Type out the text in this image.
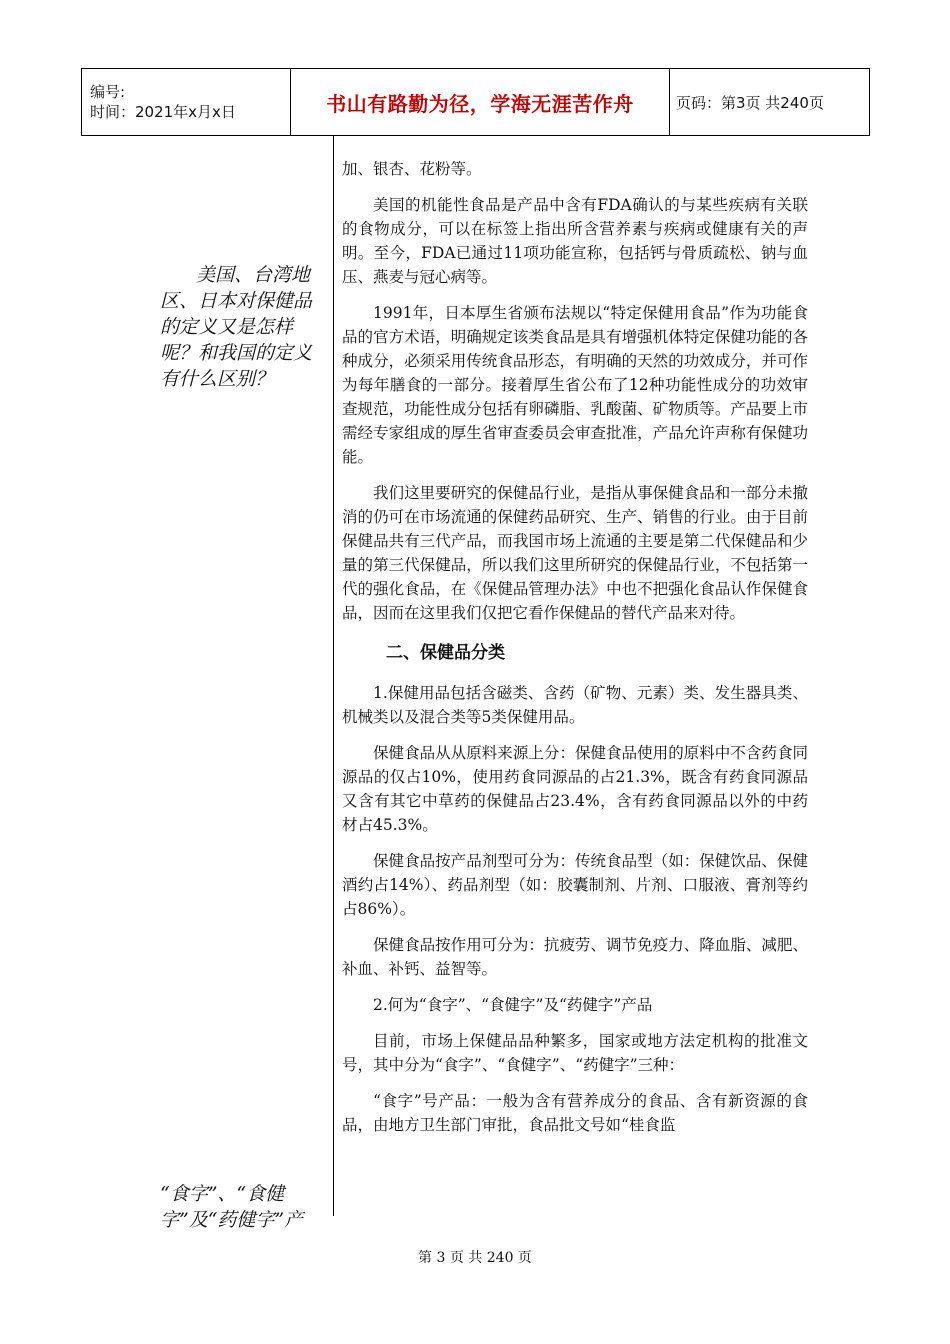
编号:
时间：2021年x月x日	书山有路勤为径，学海无涯苦作舟	页码：第3页 共240页
美国、台湾地区、日本对保健品的定义又是怎样呢？和我国的定义有什么区别？
“食字”、“食健字”及“药健字”产

加、银杏、花粉等。

美国的机能性食品是产品中含有FDA确认的与某些疾病有关联的食物成分，可以在标签上指出所含营养素与疾病或健康有关的声明。至今，FDA已通过11项功能宣称，包括钙与骨质疏松、钠与血压、燕麦与冠心病等。

1991年，日本厚生省颁布法规以“特定保健用食品”作为功能食品的官方术语，明确规定该类食品是具有增强机体特定保健功能的各种成分，必须采用传统食品形态，有明确的天然的功效成分，并可作为每年膳食的一部分。接着厚生省公布了12种功能性成分的功效审查规范，功能性成分包括有卵磷脂、乳酸菌、矿物质等。产品要上市需经专家组成的厚生省审查委员会审查批准，产品允许声称有保健功能。

我们这里要研究的保健品行业，是指从事保健食品和一部分未撤消的仍可在市场流通的保健药品研究、生产、销售的行业。由于目前保健品共有三代产品，而我国市场上流通的主要是第二代保健品和少量的第三代保健品，所以我们这里所研究的保健品行业，不包括第一代的强化食品，在《保健品管理办法》中也不把强化食品认作保健食品，因而在这里我们仅把它看作保健品的替代产品来对待。

二、保健品分类

1.保健用品包括含磁类、含药（矿物、元素）类、发生器具类、机械类以及混合类等5类保健用品。

保健食品从从原料来源上分：保健食品使用的原料中不含药食同源品的仅占10%，使用药食同源品的占21.3%，既含有药食同源品又含有其它中草药的保健品占23.4%，含有药食同源品以外的中药材占45.3%。

保健食品按产品剂型可分为：传统食品型（如：保健饮品、保健酒约占14%）、药品剂型（如：胶囊制剂、片剂、口服液、膏剂等约占86%）。

保健食品按作用可分为：抗疲劳、调节免疫力、降血脂、减肥、补血、补钙、益智等。

2.何为“食字”、“食健字”及“药健字”产品

目前，市场上保健品品种繁多，国家或地方法定机构的批准文号，其中分为“食字”、“食健字”、“药健字”三种：

“食字”号产品：一般为含有营养成分的食品、含有新资源的食品，由地方卫生部门审批，食品批文号如“桂食监

第 3 页 共 240 页
